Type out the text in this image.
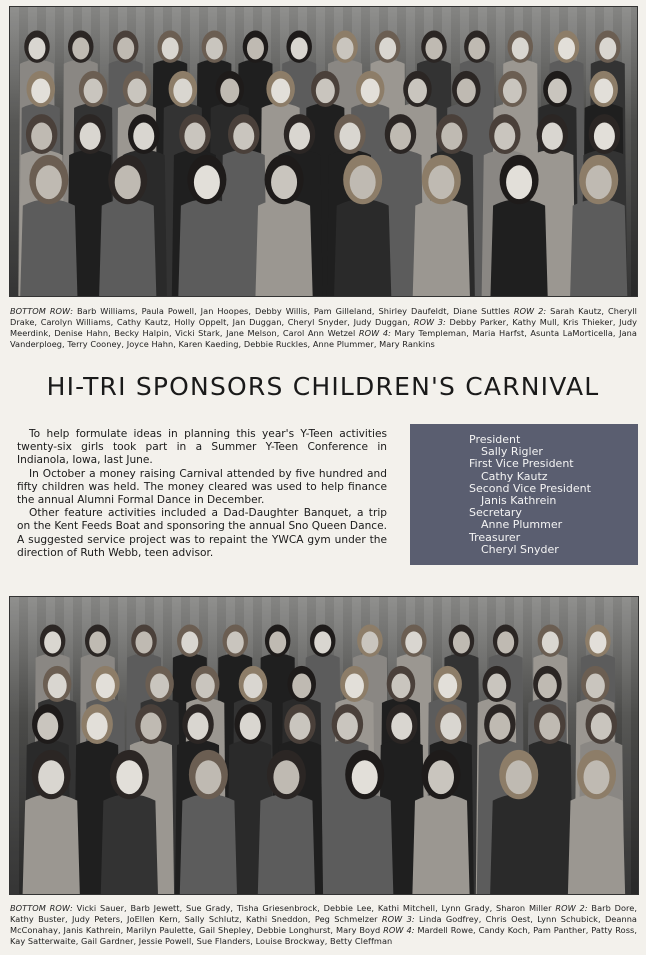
BOTTOM ROW: Barb Williams, Paula Powell, Jan Hoopes, Debby Willis, Pam Gilleland, Shirley Daufeldt, Diane Suttles ROW 2: Sarah Kautz, Cheryll Drake, Carolyn Williams, Cathy Kautz, Holly Oppelt, Jan Duggan, Cheryl Snyder, Judy Duggan, ROW 3: Debby Parker, Kathy Mull, Kris Thieker, Judy Meerdink, Denise Hahn, Becky Halpin, Vicki Stark, Jane Melson, Carol Ann Wetzel ROW 4: Mary Templeman, Maria Harfst, Asunta LaMorticella, Jana Vanderploeg, Terry Cooney, Joyce Hahn, Karen Kaeding, Debbie Ruckles, Anne Plummer, Mary Rankins
HI-TRI SPONSORS CHILDREN'S CARNIVAL

To help formulate ideas in planning this year's Y-Teen activities twenty-six girls took part in a Summer Y-Teen Conference in Indianola, Iowa, last June.

In October a money raising Carnival attended by five hundred and fifty children was held. The money cleared was used to help finance the annual Alumni Formal Dance in December.

Other feature activities included a Dad-Daughter Banquet, a trip on the Kent Feeds Boat and sponsoring the annual Sno Queen Dance. A suggested service project was to repaint the YWCA gym under the direction of Ruth Webb, teen advisor.

President
Sally Rigler
First Vice President
Cathy Kautz
Second Vice President
Janis Kathrein
Secretary
Anne Plummer
Treasurer
Cheryl Snyder
BOTTOM ROW: Vicki Sauer, Barb Jewett, Sue Grady, Tisha Griesenbrock, Debbie Lee, Kathi Mitchell, Lynn Grady, Sharon Miller ROW 2: Barb Dore, Kathy Buster, Judy Peters, JoEllen Kern, Sally Schlutz, Kathi Sneddon, Peg Schmelzer ROW 3: Linda Godfrey, Chris Oest, Lynn Schubick, Deanna McConahay, Janis Kathrein, Marilyn Paulette, Gail Shepley, Debbie Longhurst, Mary Boyd ROW 4: Mardell Rowe, Candy Koch, Pam Panther, Patty Ross, Kay Satterwaite, Gail Gardner, Jessie Powell, Sue Flanders, Louise Brockway, Betty Cleffman
